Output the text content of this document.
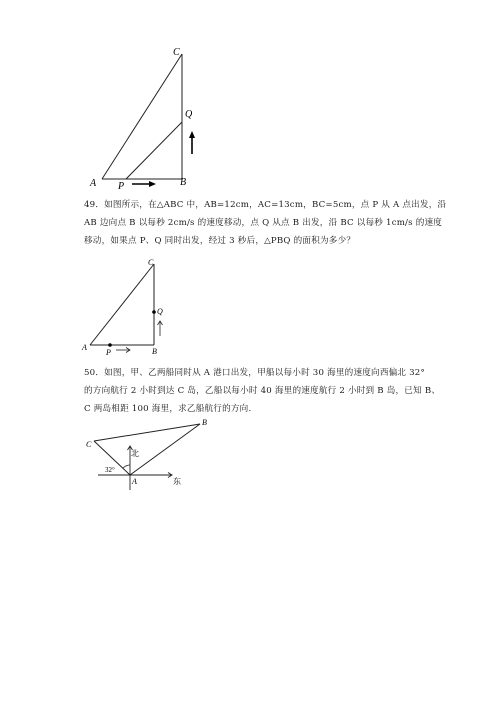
C
Q
A P	B
49．如图所示，在△ABC 中，AB=12cm，AC=13cm，BC=5cm，点 P 从 A 点出发，沿
AB 边向点 B 以每秒 2cm/s 的速度移动，点 Q 从点 B 出发，沿 BC 以每秒 1cm/s 的速度
移动，如果点 P、Q 同时出发，经过 3 秒后，△PBQ 的面积为多少？
C
Q
A
P	B
50．如图，甲、乙两船同时从 A 港口出发，甲船以每小时 30 海里的速度向西偏北 32°
的方向航行 2 小时到达 C 岛，乙船以每小时 40 海里的速度航行 2 小时到 B 岛，已知 B、
C 两岛相距 100 海里，求乙船航行的方向.
C
B
A
北
东
32°
